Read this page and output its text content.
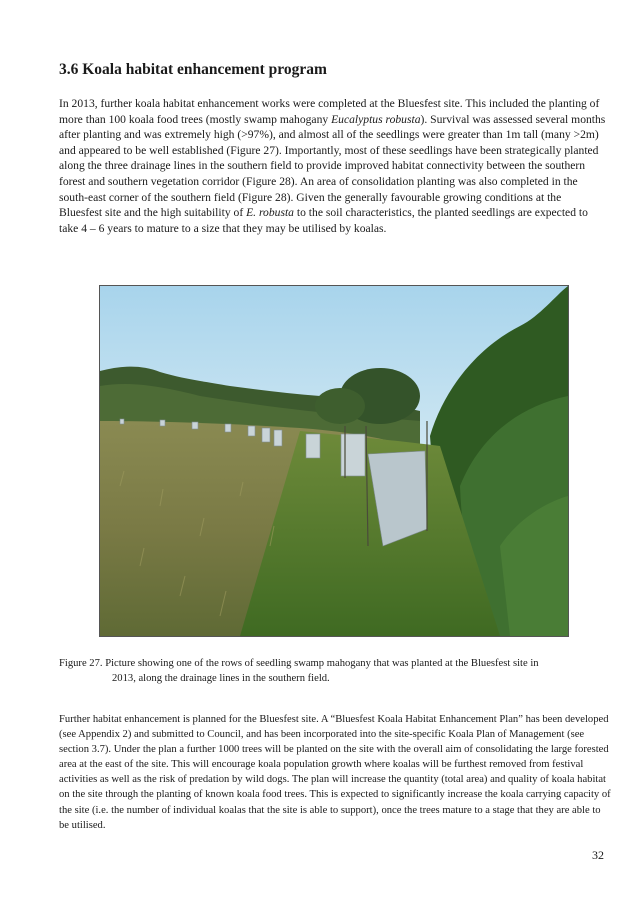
3.6 Koala habitat enhancement program

In 2013, further koala habitat enhancement works were completed at the Bluesfest site. This included the planting of more than 100 koala food trees (mostly swamp mahogany Eucalyptus robusta). Survival was assessed several months after planting and was extremely high (>97%), and almost all of the seedlings were greater than 1m tall (many >2m) and appeared to be well established (Figure 27). Importantly, most of these seedlings have been strategically planted along the three drainage lines in the southern field to provide improved habitat connectivity between the southern forest and southern vegetation corridor (Figure 28). An area of consolidation planting was also completed in the south-east corner of the southern field (Figure 28). Given the generally favourable growing conditions at the Bluesfest site and the high suitability of E. robusta to the soil characteristics, the planted seedlings are expected to take 4 – 6 years to mature to a size that they may be utilised by koalas.

Figure 27. Picture showing one of the rows of seedling swamp mahogany that was planted at the Bluesfest site in
2013, along the drainage lines in the southern field.

Further habitat enhancement is planned for the Bluesfest site. A “Bluesfest Koala Habitat Enhancement Plan” has been developed (see Appendix 2) and submitted to Council, and has been incorporated into the site-specific Koala Plan of Management (see section 3.7). Under the plan a further 1000 trees will be planted on the site with the overall aim of consolidating the large forested area at the east of the site. This will encourage koala population growth where koalas will be furthest removed from festival activities as well as the risk of predation by wild dogs. The plan will increase the quantity (total area) and quality of koala habitat on the site through the planting of known koala food trees. This is expected to significantly increase the koala carrying capacity of the site (i.e. the number of individual koalas that the site is able to support), once the trees mature to a stage that they are able to be utilised.

32
